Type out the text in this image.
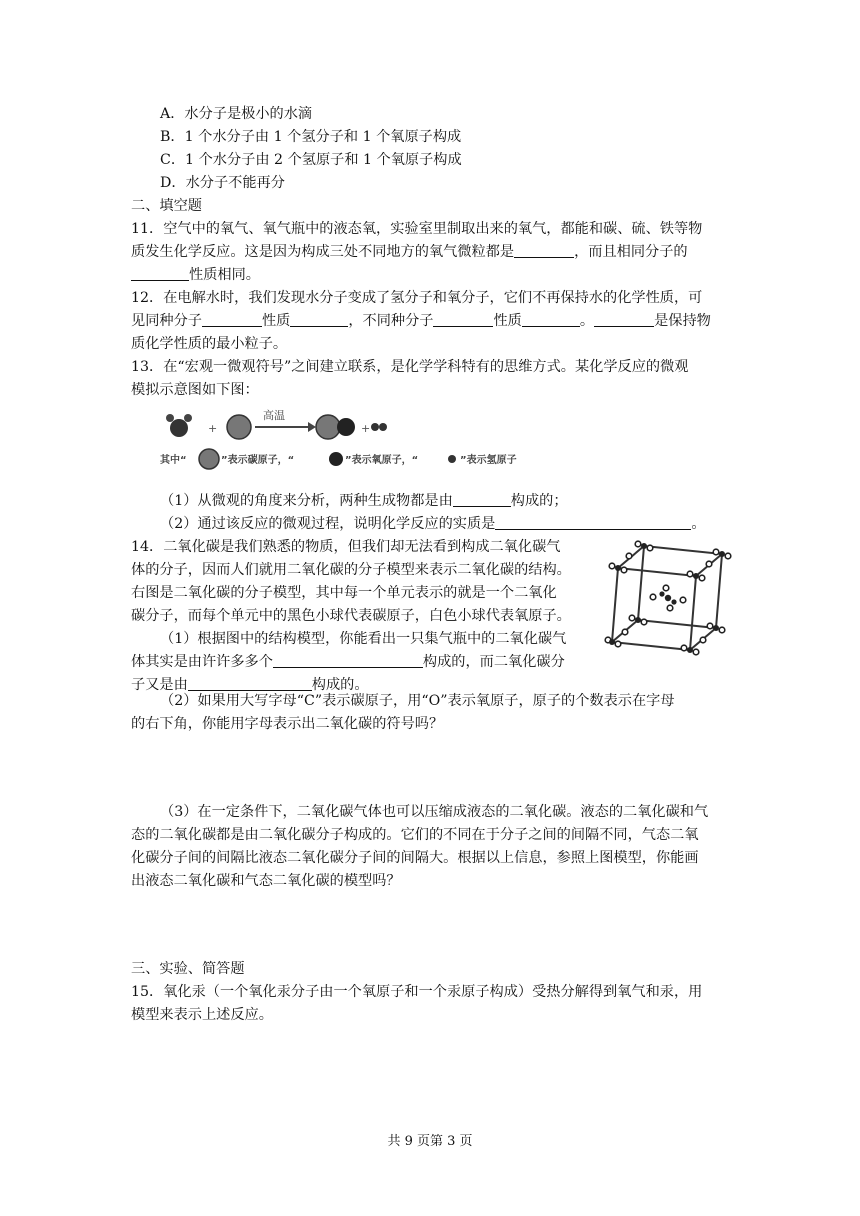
A．水分子是极小的水滴
B．1 个水分子由 1 个氢分子和 1 个氧原子构成
C．1 个水分子由 2 个氢原子和 1 个氧原子构成
D．水分子不能再分
二、填空题
11．空气中的氧气、氧气瓶中的液态氧，实验室里制取出来的氧气，都能和碳、硫、铁等物
质发生化学反应。这是因为构成三处不同地方的氧气微粒都是	，而且相同分子的
性质相同。
12．在电解水时，我们发现水分子变成了氢分子和氧分子，它们不再保持水的化学性质，可
见同种分子	性质	，不同种分子	性质	。	是保持物
质化学性质的最小粒子。
13．在“宏观一微观符号”之间建立联系，是化学学科特有的思维方式。某化学反应的微观
模拟示意图如下图：
+
高温
+
其中“	”表示碳原子，“	”表示氧原子，“	”表示氢原子
（1）从微观的角度来分析，两种生成物都是由	构成的；
（2）通过该反应的微观过程，说明化学反应的实质是	。
14．二氧化碳是我们熟悉的物质，但我们却无法看到构成二氧化碳气
体的分子，因而人们就用二氧化碳的分子模型来表示二氧化碳的结构。
右图是二氧化碳的分子模型，其中每一个单元表示的就是一个二氧化
碳分子，而每个单元中的黑色小球代表碳原子，白色小球代表氧原子。
（1）根据图中的结构模型，你能看出一只集气瓶中的二氧化碳气
体其实是由许许多多个	构成的，而二氧化碳分
子又是由	构成的。
（2）如果用大写字母“C”表示碳原子，用“O”表示氧原子，原子的个数表示在字母
的右下角，你能用字母表示出二氧化碳的符号吗？
（3）在一定条件下，二氧化碳气体也可以压缩成液态的二氧化碳。液态的二氧化碳和气
态的二氧化碳都是由二氧化碳分子构成的。它们的不同在于分子之间的间隔不同，气态二氧
化碳分子间的间隔比液态二氧化碳分子间的间隔大。根据以上信息，参照上图模型，你能画
出液态二氧化碳和气态二氧化碳的模型吗？
三、实验、简答题
15．氧化汞（一个氧化汞分子由一个氧原子和一个汞原子构成）受热分解得到氧气和汞，用
模型来表示上述反应。
共 9 页第 3 页
